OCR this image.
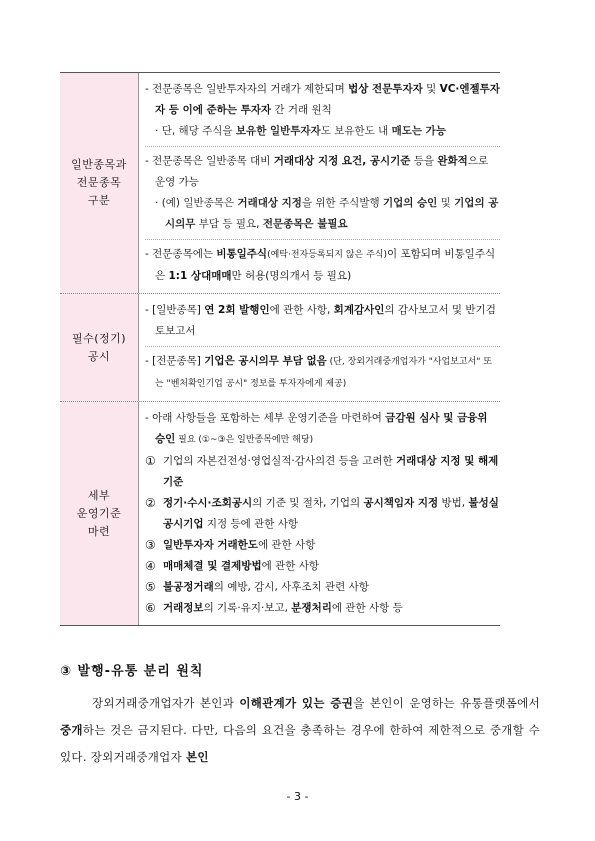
일반종목과
전문종목
구분

- 전문종목은 일반투자자의 거래가 제한되며 법상 전문투자자 및 VC·엔젤투자자 등 이에 준하는 투자자 간 거래 원칙

· 단, 해당 주식을 보유한 일반투자자도 보유한도 내 매도는 가능

- 전문종목은 일반종목 대비 거래대상 지정 요건, 공시기준 등을 완화적으로 운영 가능

· (예) 일반종목은 거래대상 지정을 위한 주식발행 기업의 승인 및 기업의 공시의무 부담 등 필요, 전문종목은 불필요

- 전문종목에는 비통일주식(예탁·전자등록되지 않은 주식)이 포함되며 비통일주식은 1:1 상대매매만 허용(명의개서 등 필요)

필수(정기)
공시

- [일반종목] 연 2회 발행인에 관한 사항, 회계감사인의 감사보고서 및 반기검토보고서

- [전문종목] 기업은 공시의무 부담 없음 (단, 장외거래중개업자가 "사업보고서" 또는 "벤처확인기업 공시" 정보를 투자자에게 제공)

세부
운영기준
마련

- 아래 사항들을 포함하는 세부 운영기준을 마련하여 금감원 심사 및 금융위 승인 필요 (①~③은 일반종목에만 해당)

① 기업의 자본건전성·영업실적·감사의견 등을 고려한 거래대상 지정 및 해제 기준

② 정기·수시·조회공시의 기준 및 절차, 기업의 공시책임자 지정 방법, 불성실공시기업 지정 등에 관한 사항

③ 일반투자자 거래한도에 관한 사항

④ 매매체결 및 결제방법에 관한 사항

⑤ 불공정거래의 예방, 감시, 사후조치 관련 사항

⑥ 거래정보의 기록·유지·보고, 분쟁처리에 관한 사항 등

③ 발행-유통 분리 원칙

장외거래중개업자가 본인과 이해관계가 있는 증권을 본인이 운영하는 유통플랫폼에서 중개하는 것은 금지된다. 다만, 다음의 요건을 충족하는 경우에 한하여 제한적으로 중개할 수 있다. 장외거래중개업자 본인

- 3 -
